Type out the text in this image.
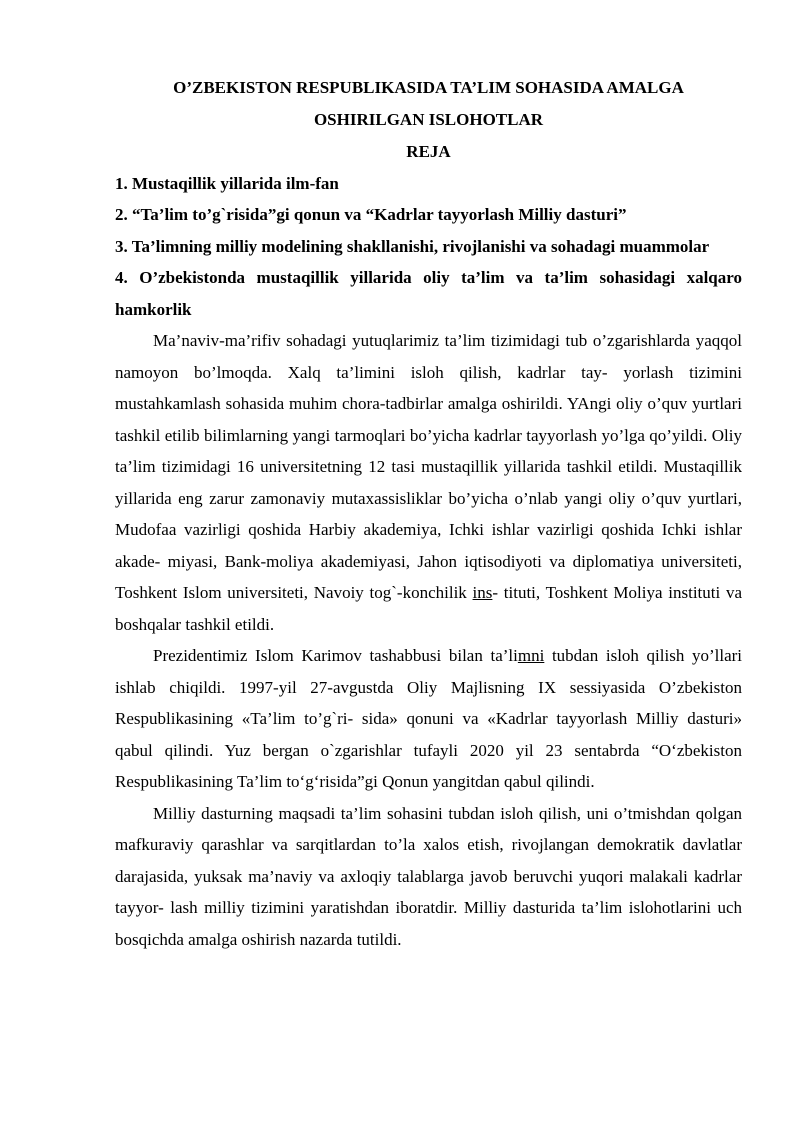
O’ZBEKISTON RESPUBLIKASIDA TA’LIM SOHASIDA AMALGA OSHIRILGAN ISLOHOTLAR

REJA

1. Mustaqillik yillarida ilm-fan
2. “Ta’lim to’g`risida”gi qonun va “Kadrlar tayyorlash Milliy dasturi”
3. Ta’limning milliy modelining shakllanishi, rivojlanishi va sohadagi muammolar
4. O’zbekistonda mustaqillik yillarida oliy ta’lim va ta’lim sohasidagi xalqaro hamkorlik

Ma’naviv-ma’rifiv sohadagi yutuqlarimiz ta’lim tizimidagi tub o’zgarishlarda yaqqol namoyon bo’lmoqda. Xalq ta’limini isloh qilish, kadrlar tay- yorlash tizimini mustahkamlash sohasida muhim chora-tadbirlar amalga oshirildi. YAngi oliy o’quv yurtlari tashkil etilib bilimlarning yangi tarmoqlari bo’yicha kadrlar tayyorlash yo’lga qo’yildi. Oliy ta’lim tizimidagi 16 universitetning 12 tasi mustaqillik yillarida tashkil etildi. Mustaqillik yillarida eng zarur zamonaviy mutaxassisliklar bo’yicha o’nlab yangi oliy o’quv yurtlari, Mudofaa vazirligi qoshida Harbiy akademiya, Ichki ishlar vazirligi qoshida Ichki ishlar akade- miyasi, Bank-moliya akademiyasi, Jahon iqtisodiyoti va diplomatiya universiteti, Toshkent Islom universiteti, Navoiy tog`-konchilik ins- tituti, Toshkent Moliya instituti va boshqalar tashkil etildi.

Prezidentimiz Islom Karimov tashabbusi bilan ta’limni tubdan isloh qilish yo’llari ishlab chiqildi. 1997-yil 27-avgustda Oliy Majlisning IX sessiyasida O’zbekiston Respublikasining «Ta’lim to’g`ri- sida» qonuni va «Kadrlar tayyorlash Milliy dasturi» qabul qilindi. Yuz bergan o`zgarishlar tufayli 2020 yil 23 sentabrda “O‘zbekiston Respublikasining Ta’lim to‘g‘risida”gi Qonun yangitdan qabul qilindi.

Milliy dasturning maqsadi ta’lim sohasini tubdan isloh qilish, uni o’tmishdan qolgan mafkuraviy qarashlar va sarqitlardan to’la xalos etish, rivojlangan demokratik davlatlar darajasida, yuksak ma’naviy va axloqiy talablarga javob beruvchi yuqori malakali kadrlar tayyor- lash milliy tizimini yaratishdan iboratdir. Milliy dasturida ta’lim islohotlarini uch bosqichda amalga oshirish nazarda tutildi.
